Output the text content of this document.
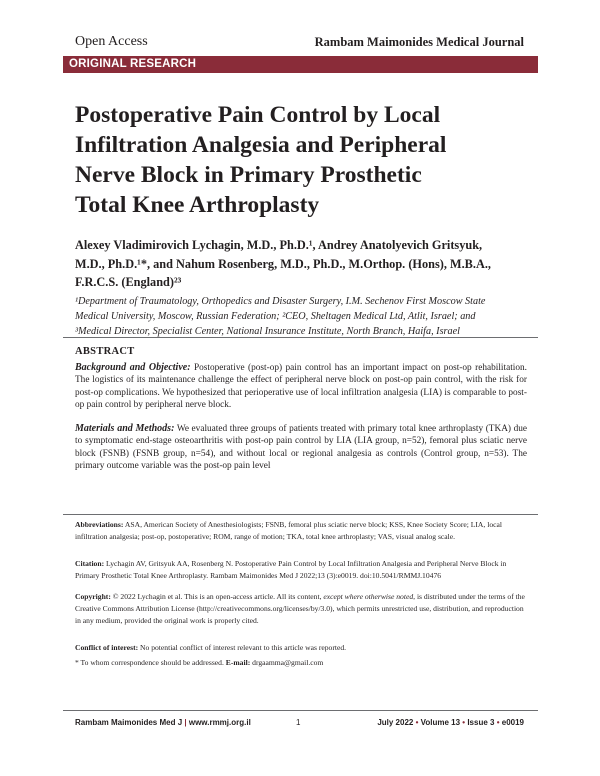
Open Access	Rambam Maimonides Medical Journal
ORIGINAL RESEARCH
Postoperative Pain Control by Local
Infiltration Analgesia and Peripheral
Nerve Block in Primary Prosthetic
Total Knee Arthroplasty
Alexey Vladimirovich Lychagin, M.D., Ph.D.¹, Andrey Anatolyevich Gritsyuk,
M.D., Ph.D.¹*, and Nahum Rosenberg, M.D., Ph.D., M.Orthop. (Hons), M.B.A.,
F.R.C.S. (England)²³
¹Department of Traumatology, Orthopedics and Disaster Surgery, I.M. Sechenov First Moscow State
Medical University, Moscow, Russian Federation; ²CEO, Sheltagen Medical Ltd, Atlit, Israel; and
³Medical Director, Specialist Center, National Insurance Institute, North Branch, Haifa, Israel
ABSTRACT
Background and Objective: Postoperative (post-op) pain control has an important impact on post-op rehabilitation. The logistics of its maintenance challenge the effect of peripheral nerve block on post-op pain control, with the risk for post-op complications. We hypothesized that perioperative use of local infiltration analgesia (LIA) is comparable to post-op pain control by peripheral nerve block.
Materials and Methods: We evaluated three groups of patients treated with primary total knee arthroplasty (TKA) due to symptomatic end-stage osteoarthritis with post-op pain control by LIA (LIA group, n=52), femoral plus sciatic nerve block (FSNB) (FSNB group, n=54), and without local or regional analgesia as controls (Control group, n=53). The primary outcome variable was the post-op pain level
Abbreviations: ASA, American Society of Anesthesiologists; FSNB, femoral plus sciatic nerve block; KSS, Knee Society Score; LIA, local infiltration analgesia; post-op, postoperative; ROM, range of motion; TKA, total knee arthroplasty; VAS, visual analog scale.
Citation: Lychagin AV, Gritsyuk AA, Rosenberg N. Postoperative Pain Control by Local Infiltration Analgesia and Peripheral Nerve Block in Primary Prosthetic Total Knee Arthroplasty. Rambam Maimonides Med J 2022;13 (3):e0019. doi:10.5041/RMMJ.10476
Copyright: © 2022 Lychagin et al. This is an open-access article. All its content, except where otherwise noted, is distributed under the terms of the Creative Commons Attribution License (http://creativecommons.org/licenses/by/3.0), which permits unrestricted use, distribution, and reproduction in any medium, provided the original work is properly cited.
Conflict of interest: No potential conflict of interest relevant to this article was reported.
* To whom correspondence should be addressed. E-mail: drgaamma@gmail.com
Rambam Maimonides Med J | www.rmmj.org.il	1	July 2022 • Volume 13 • Issue 3 • e0019
